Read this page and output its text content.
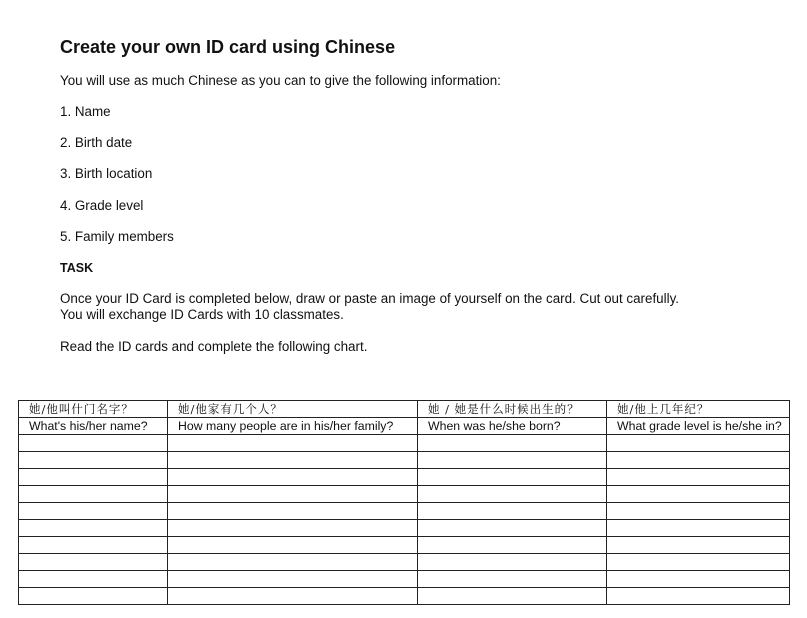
Create your own ID card using Chinese

You will use as much Chinese as you can to give the following information:

1. Name

2. Birth date

3. Birth location

4. Grade level

5. Family members

TASK

Once your ID Card is completed below, draw or paste an image of yourself on the card. Cut out carefully.

You will exchange ID Cards with 10 classmates.

Read the ID cards and complete the following chart.

她/他叫什门名字？	她/他家有几个人？	她 / 她是什么时候出生的？	她/他上几年纪？
What's his/her name?	How many people are in his/her family?	When was he/she born?	What grade level is he/she in?
